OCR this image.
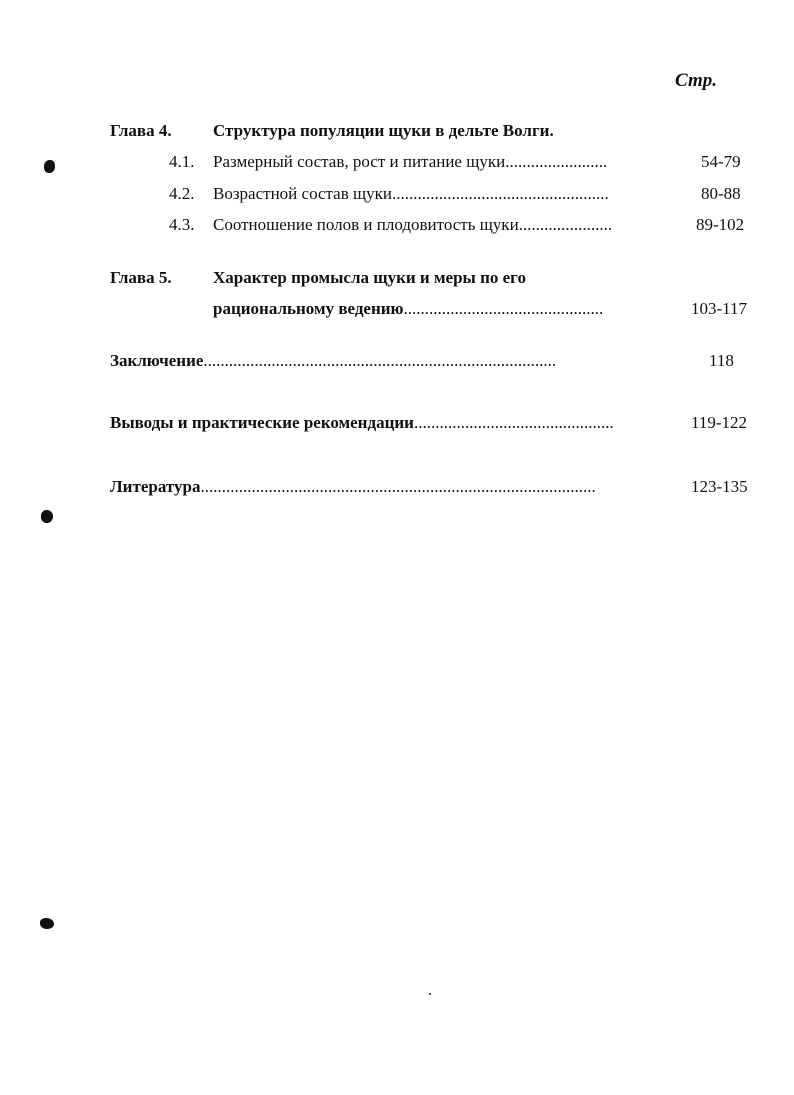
Стр.
Глава 4. Структура популяции щуки в дельте Волги.
4.1. Размерный состав, рост и питание щуки........................	54-79
4.2. Возрастной состав щуки...................................................	80-88
4.3. Соотношение полов и плодовитость щуки......................	89-102
Глава 5. Характер промысла щуки и меры по его
рациональному ведению...............................................	103-117
Заключение...................................................................................	118
Выводы и практические рекомендации...............................................	119-122
Литература.............................................................................................	123-135
